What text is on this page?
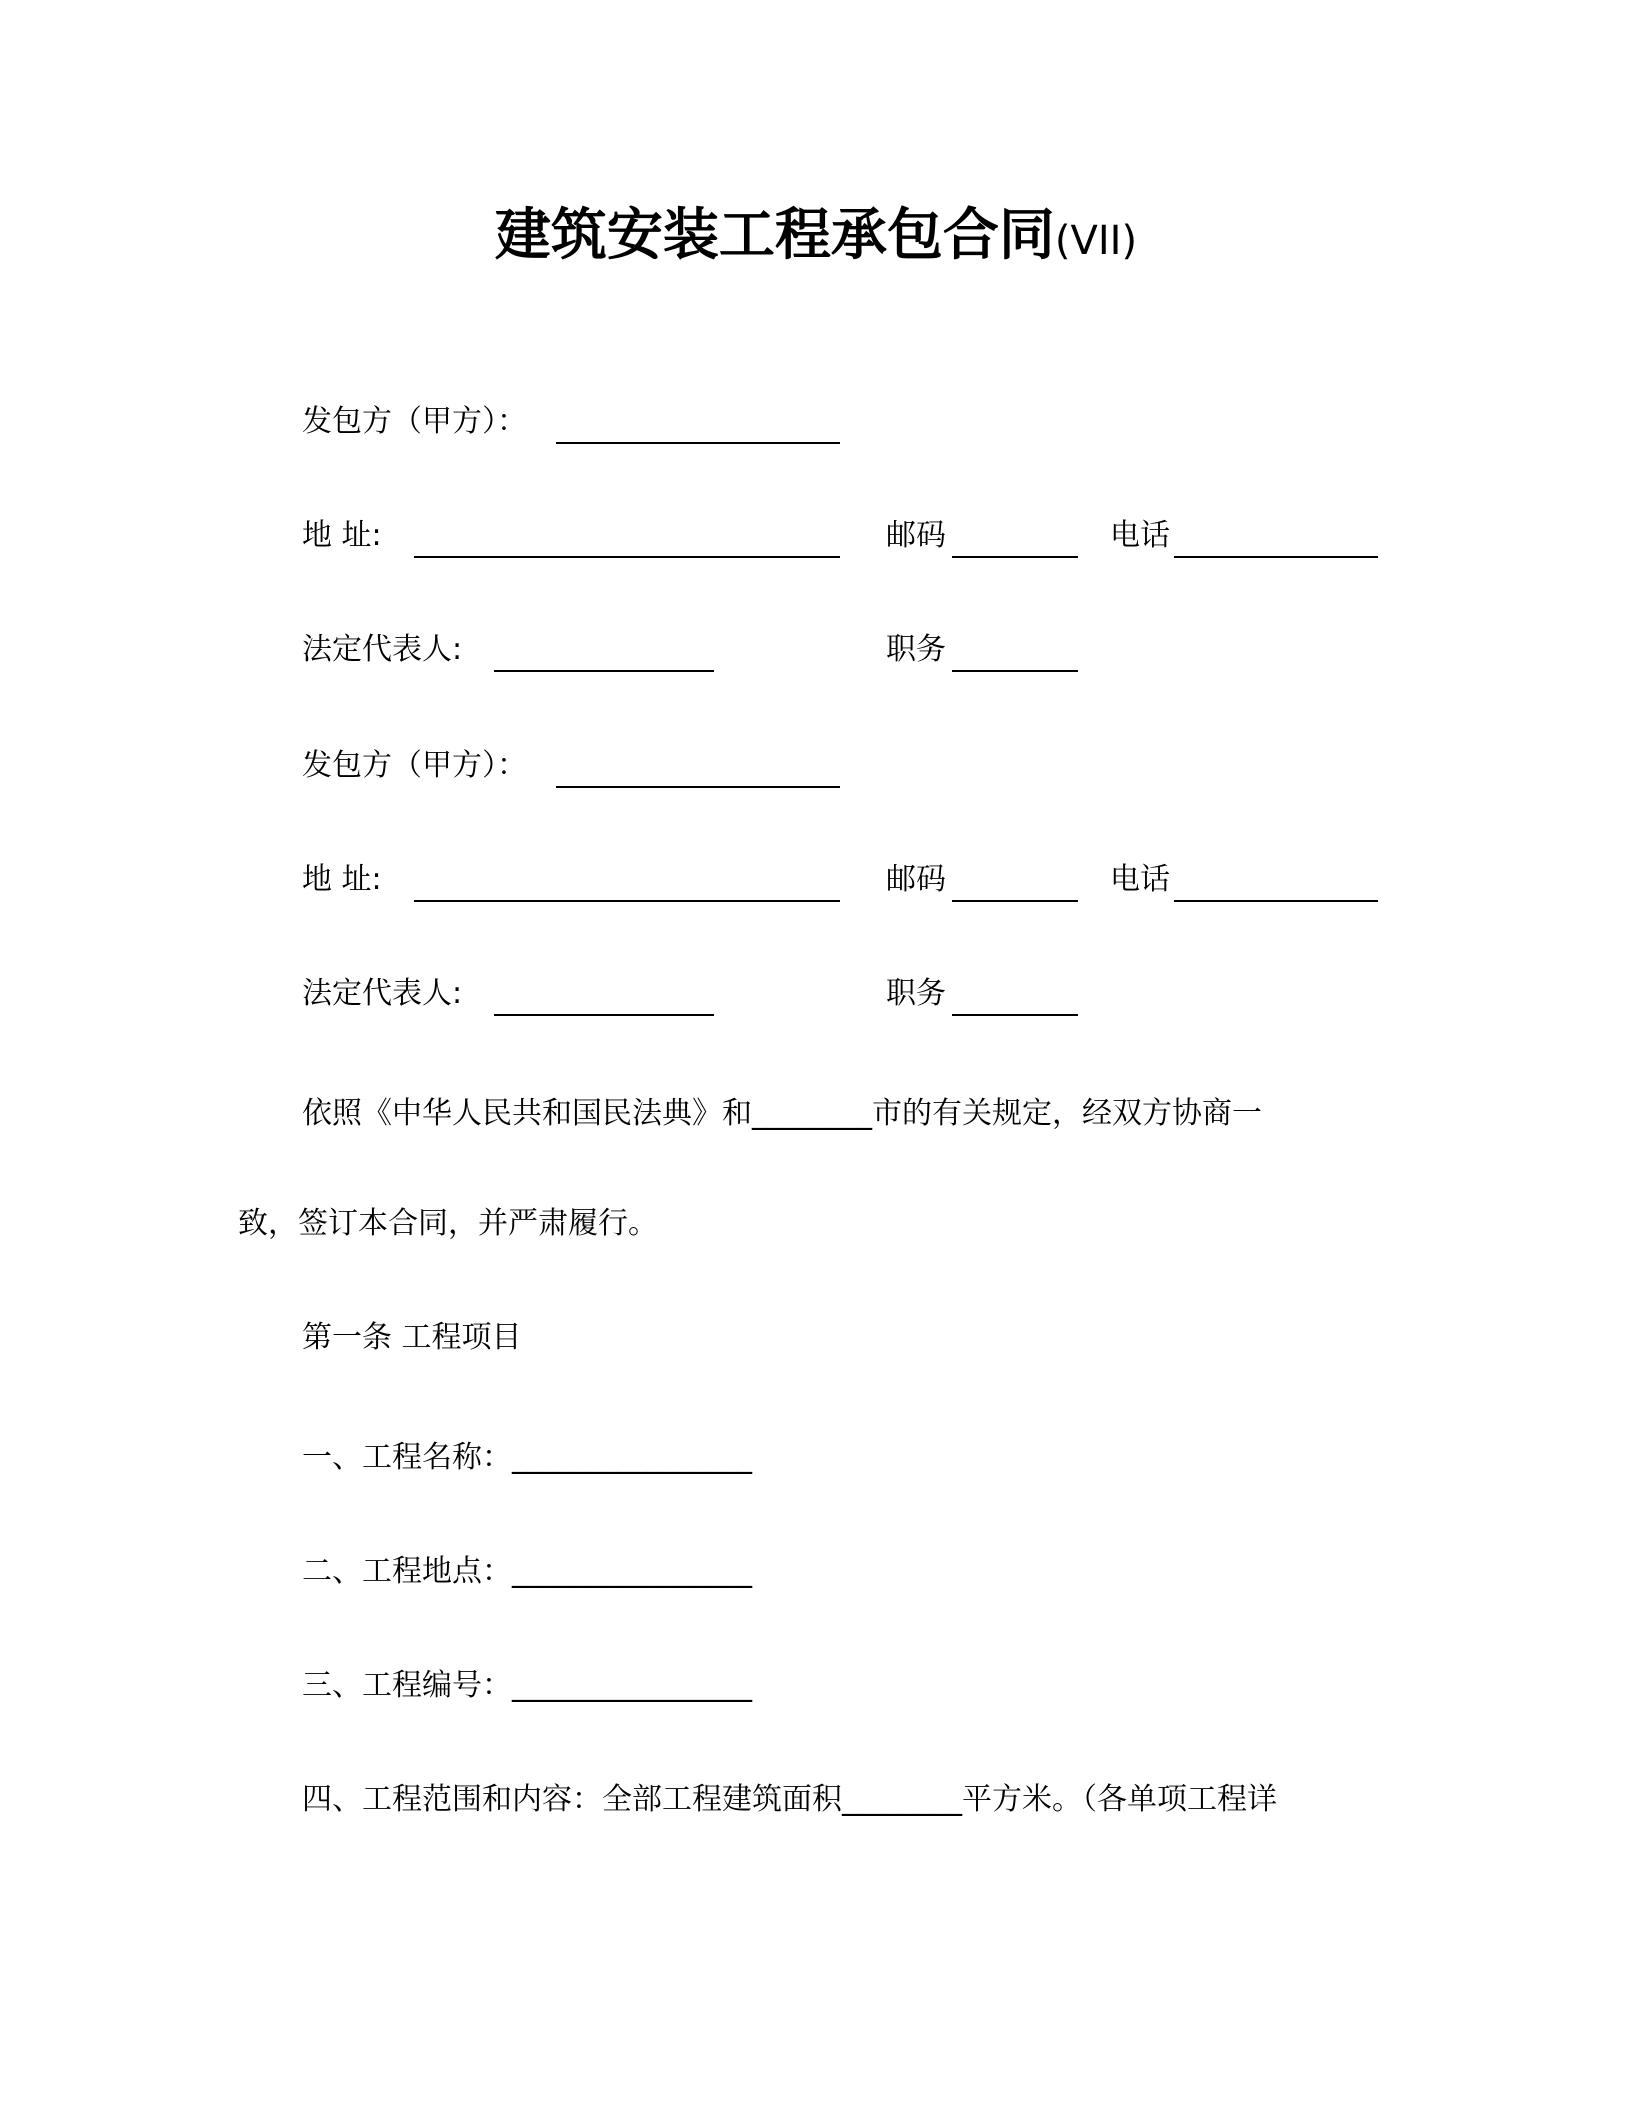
建筑安装工程承包合同(VII)
发包方（甲方）：
地 址:	邮码	电话
法定代表人:	职务
发包方（甲方）：
地 址:	邮码	电话
法定代表人:	职务
依照《中华人民共和国民法典》和________市的有关规定，经双方协商一
致，签订本合同，并严肃履行。
第一条 工程项目
一、工程名称：________________
二、工程地点：________________
三、工程编号：________________
四、工程范围和内容：全部工程建筑面积________平方米。（各单项工程详
